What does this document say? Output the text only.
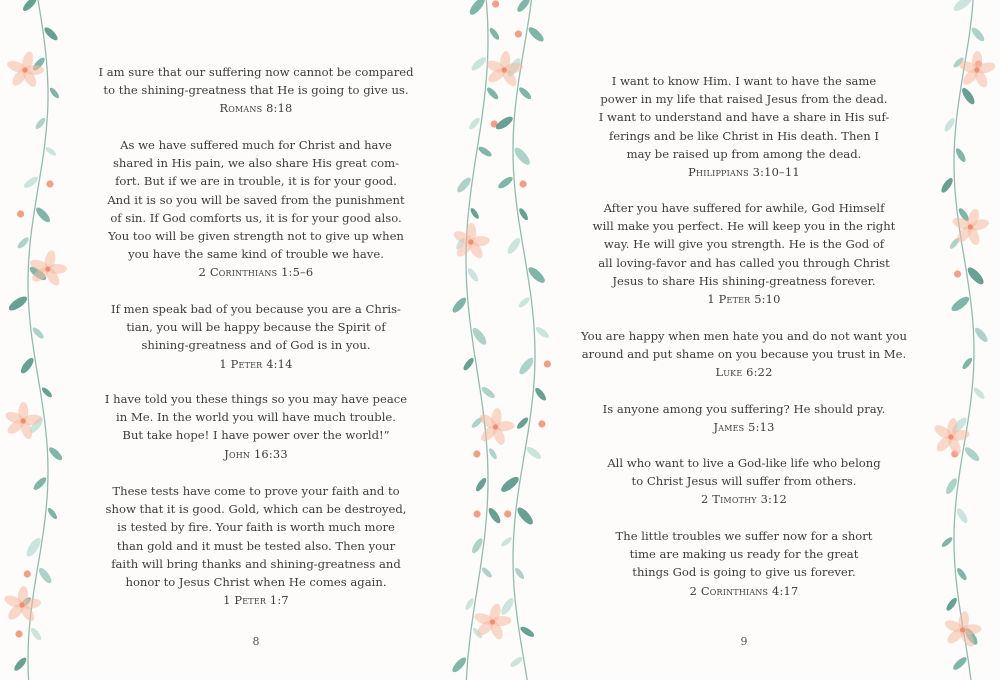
I am sure that our suffering now cannot be compared
to the shining-greatness that He is going to give us.
Romans 8:18
As we have suffered much for Christ and have
shared in His pain, we also share His great com-
fort. But if we are in trouble, it is for your good.
And it is so you will be saved from the punishment
of sin. If God comforts us, it is for your good also.
You too will be given strength not to give up when
you have the same kind of trouble we have.
2 Corinthians 1:5–6
If men speak bad of you because you are a Chris-
tian, you will be happy because the Spirit of
shining-greatness and of God is in you.
1 Peter 4:14
I have told you these things so you may have peace
in Me. In the world you will have much trouble.
But take hope! I have power over the world!”
John 16:33
These tests have come to prove your faith and to
show that it is good. Gold, which can be destroyed,
is tested by fire. Your faith is worth much more
than gold and it must be tested also. Then your
faith will bring thanks and shining-greatness and
honor to Jesus Christ when He comes again.
1 Peter 1:7
8
I want to know Him. I want to have the same
power in my life that raised Jesus from the dead.
I want to understand and have a share in His suf-
ferings and be like Christ in His death. Then I
may be raised up from among the dead.
Philippians 3:10–11
After you have suffered for awhile, God Himself
will make you perfect. He will keep you in the right
way. He will give you strength. He is the God of
all loving-favor and has called you through Christ
Jesus to share His shining-greatness forever.
1 Peter 5:10
You are happy when men hate you and do not want you
around and put shame on you because you trust in Me.
Luke 6:22
Is anyone among you suffering? He should pray.
James 5:13
All who want to live a God-like life who belong
to Christ Jesus will suffer from others.
2 Timothy 3:12
The little troubles we suffer now for a short
time are making us ready for the great
things God is going to give us forever.
2 Corinthians 4:17
9
